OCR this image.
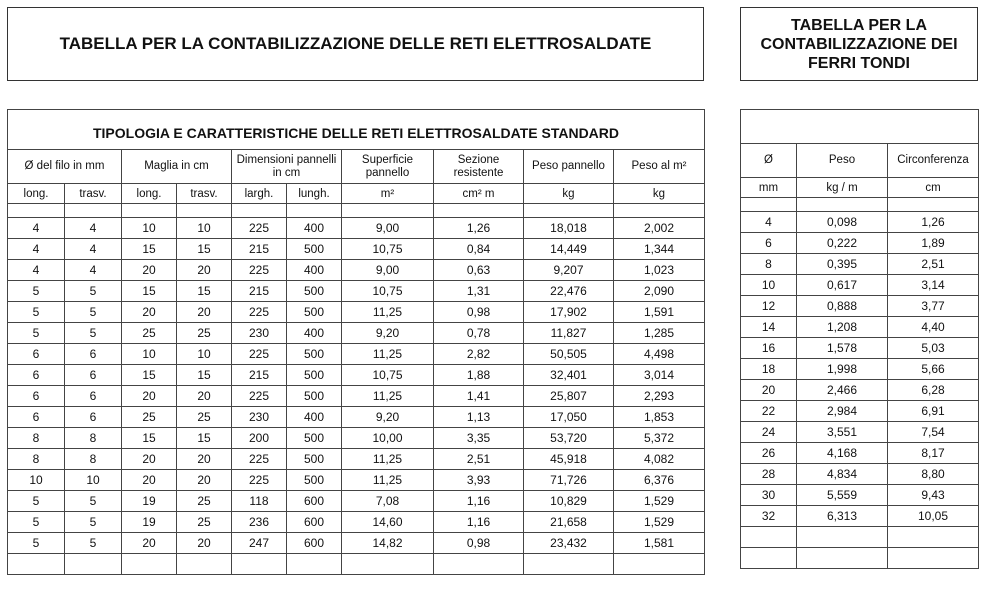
TABELLA PER LA CONTABILIZZAZIONE DELLE RETI ELETTROSALDATE
TABELLA PER LA CONTABILIZZAZIONE DEI FERRI TONDI
TIPOLOGIA E CARATTERISTICHE DELLE RETI ELETTROSALDATE STANDARD									
Ø del filo in mm		Maglia in cm		Dimensioni pannelli in cm		Superficie pannello	Sezione resistente	Peso pannello	Peso al m²
long.	trasv.	long.	trasv.	largh.	lungh.	m²	cm² m	kg	kg

4	4	10	10	225	400	9,00	1,26	18,018	2,002
4	4	15	15	215	500	10,75	0,84	14,449	1,344
4	4	20	20	225	400	9,00	0,63	9,207	1,023
5	5	15	15	215	500	10,75	1,31	22,476	2,090
5	5	20	20	225	500	11,25	0,98	17,902	1,591
5	5	25	25	230	400	9,20	0,78	11,827	1,285
6	6	10	10	225	500	11,25	2,82	50,505	4,498
6	6	15	15	215	500	10,75	1,88	32,401	3,014
6	6	20	20	225	500	11,25	1,41	25,807	2,293
6	6	25	25	230	400	9,20	1,13	17,050	1,853
8	8	15	15	200	500	10,00	3,35	53,720	5,372
8	8	20	20	225	500	11,25	2,51	45,918	4,082
10	10	20	20	225	500	11,25	3,93	71,726	6,376
5	5	19	25	118	600	7,08	1,16	10,829	1,529
5	5	19	25	236	600	14,60	1,16	21,658	1,529
5	5	20	20	247	600	14,82	0,98	23,432	1,581

Ø	Peso	Circonferenza
mm	kg / m	cm

4	0,098	1,26
6	0,222	1,89
8	0,395	2,51
10	0,617	3,14
12	0,888	3,77
14	1,208	4,40
16	1,578	5,03
18	1,998	5,66
20	2,466	6,28
22	2,984	6,91
24	3,551	7,54
26	4,168	8,17
28	4,834	8,80
30	5,559	9,43
32	6,313	10,05
